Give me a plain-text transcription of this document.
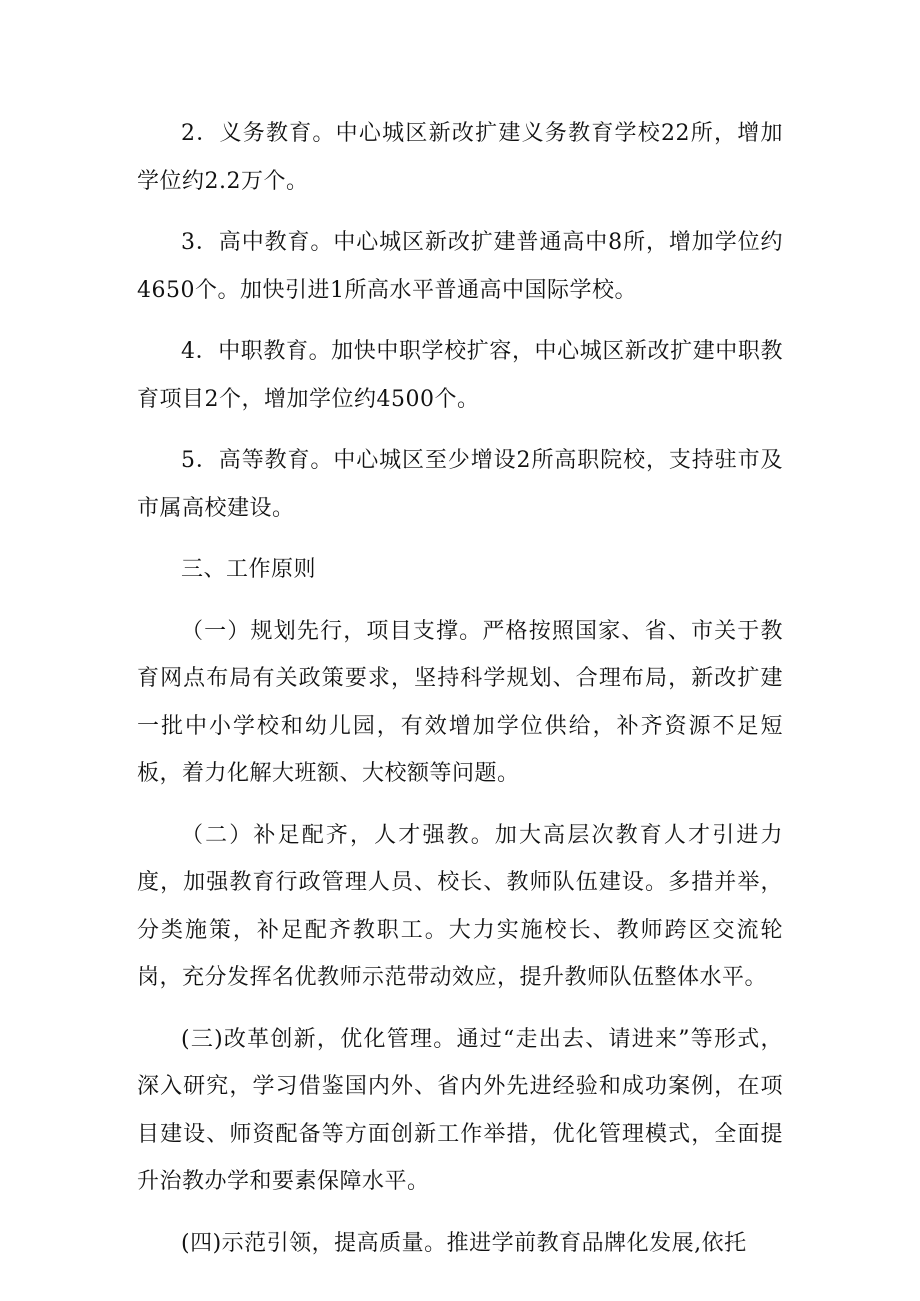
2．义务教育。中心城区新改扩建义务教育学校22所，增加学位约2.2万个。

3．高中教育。中心城区新改扩建普通高中8所，增加学位约4650个。加快引进1所高水平普通高中国际学校。

4．中职教育。加快中职学校扩容，中心城区新改扩建中职教育项目2个，增加学位约4500个。

5．高等教育。中心城区至少增设2所高职院校，支持驻市及市属高校建设。

三、工作原则

（一）规划先行，项目支撑。严格按照国家、省、市关于教育网点布局有关政策要求，坚持科学规划、合理布局，新改扩建一批中小学校和幼儿园，有效增加学位供给，补齐资源不足短板，着力化解大班额、大校额等问题。

（二）补足配齐，人才强教。加大高层次教育人才引进力度，加强教育行政管理人员、校长、教师队伍建设。多措并举，分类施策，补足配齐教职工。大力实施校长、教师跨区交流轮岗，充分发挥名优教师示范带动效应，提升教师队伍整体水平。

(三)改革创新，优化管理。通过“走出去、请进来”等形式，深入研究，学习借鉴国内外、省内外先进经验和成功案例，在项目建设、师资配备等方面创新工作举措，优化管理模式，全面提升治教办学和要素保障水平。

(四)示范引领，提高质量。推进学前教育品牌化发展,依托
